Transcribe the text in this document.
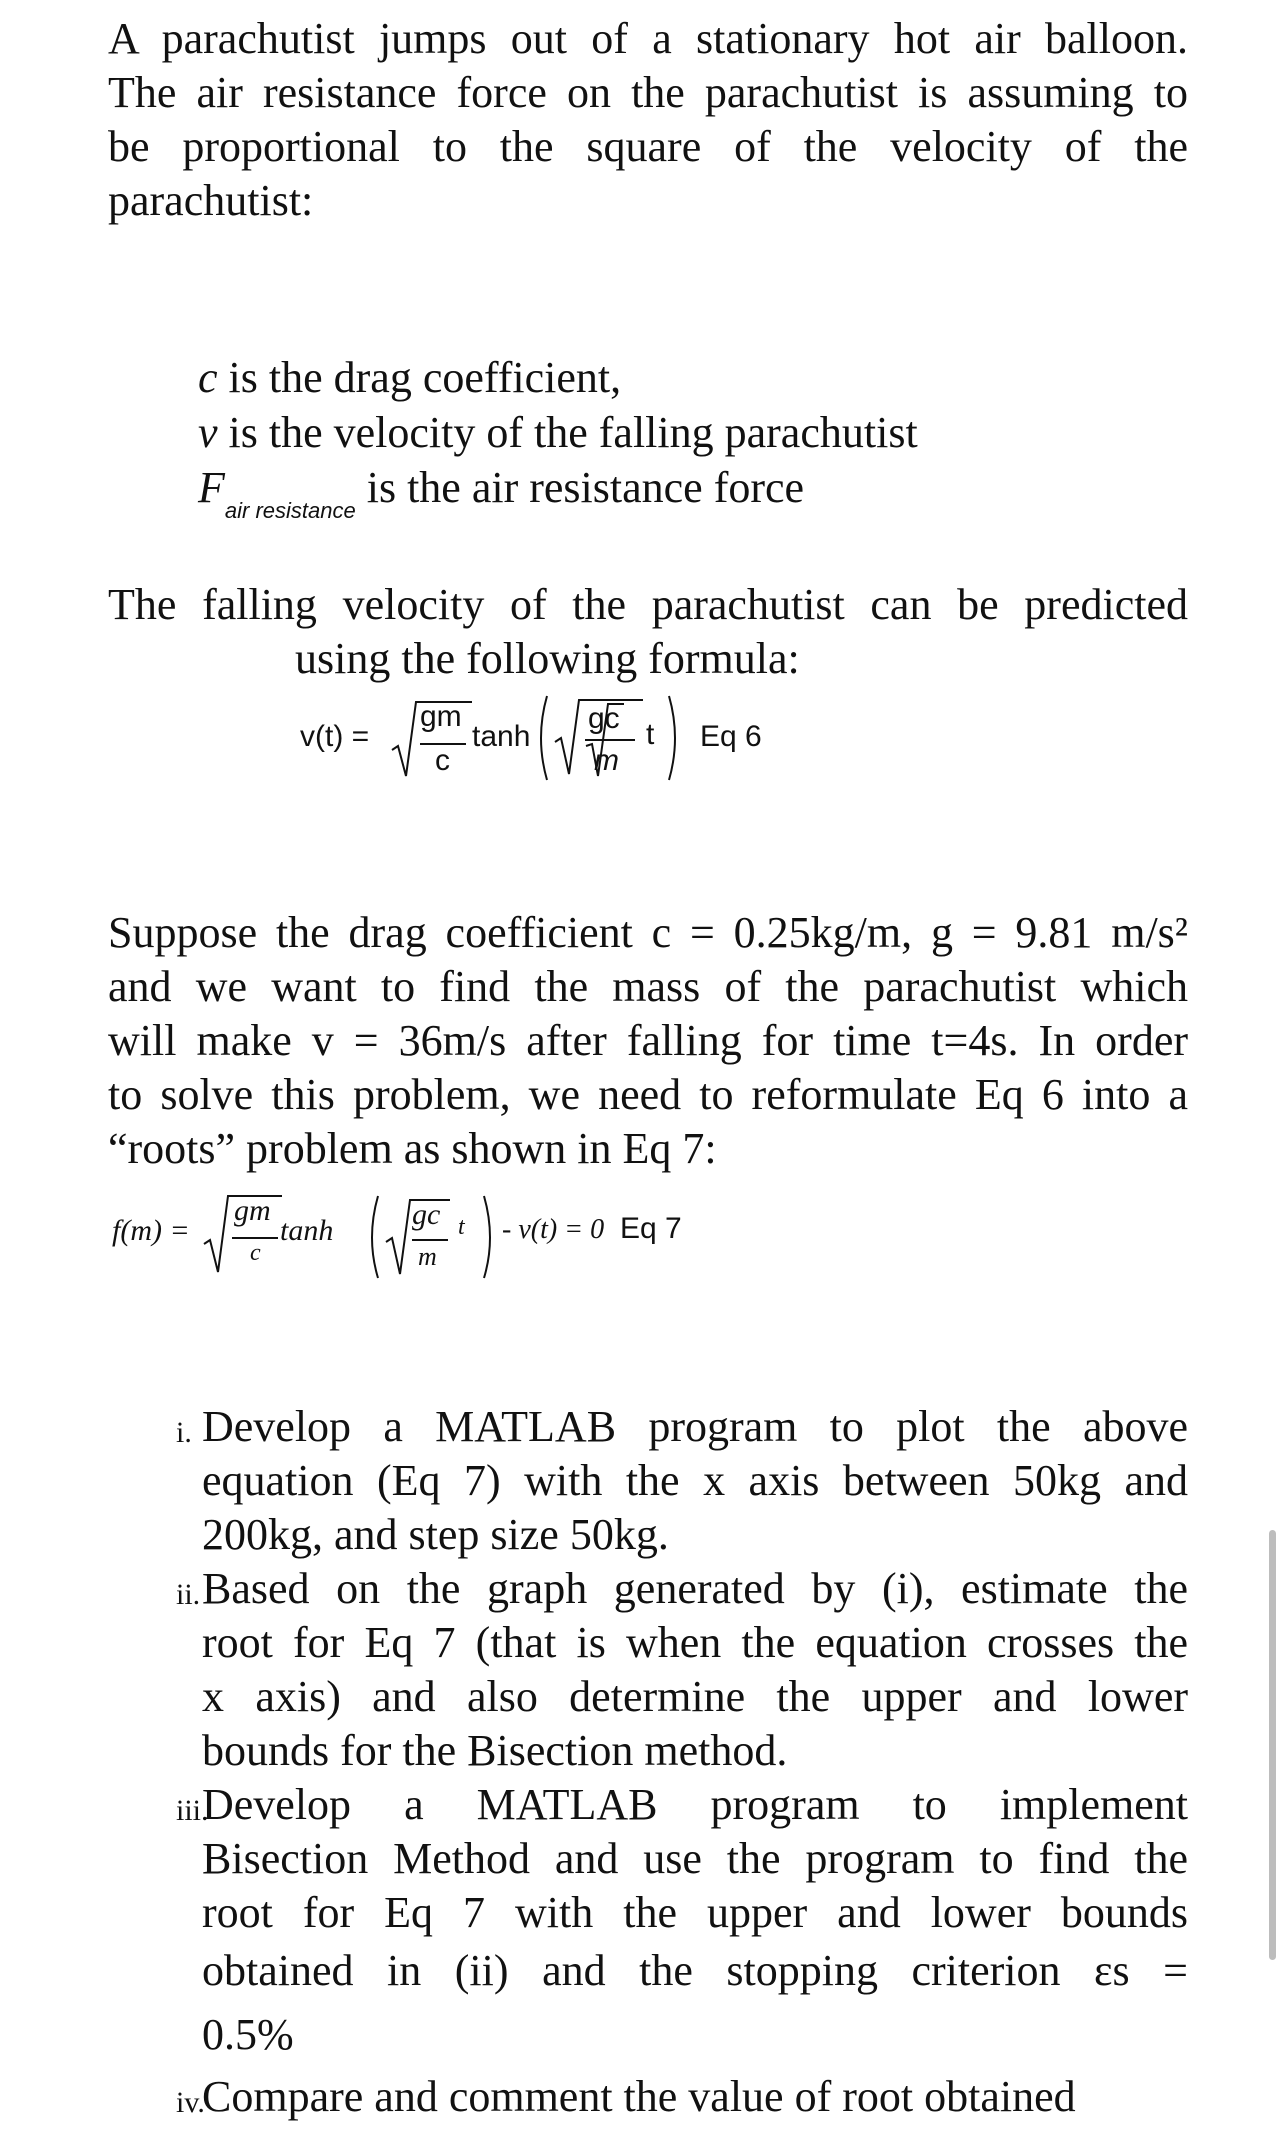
A parachutist jumps out of a stationary hot air balloon.
The air resistance force on the parachutist is assuming to
be proportional to the square of the velocity of the
parachutist:
c is the drag coefficient,
v is the velocity of the falling parachutist
$F_{air resistance}$ is the air resistance force
The falling velocity of the parachutist can be predicted
using the following formula:
v(t) =
gm
c
tanh
gc
m
t Eq 6
Suppose the drag coefficient c = 0.25kg/m, g = 9.81 m/s²
and we want to find the mass of the parachutist which
will make v = 36m/s after falling for time t=4s. In order
to solve this problem, we need to reformulate Eq 6 into a
“roots” problem as shown in Eq 7:
f(m) =
gm
c
tanh	gc
m
t - v(t) = 0 Eq 7
i. Develop a MATLAB program to plot the above
equation (Eq 7) with the x axis between 50kg and
200kg, and step size 50kg.
ii. Based on the graph generated by (i), estimate the
root for Eq 7 (that is when the equation crosses the
x axis) and also determine the upper and lower
bounds for the Bisection method.
iii.
Develop a MATLAB program to implement
Bisection Method and use the program to find the
root for Eq 7 with the upper and lower bounds
obtained in (ii) and the stopping criterion εs =
0.5%
iv.
Compare and comment the value of root obtained
